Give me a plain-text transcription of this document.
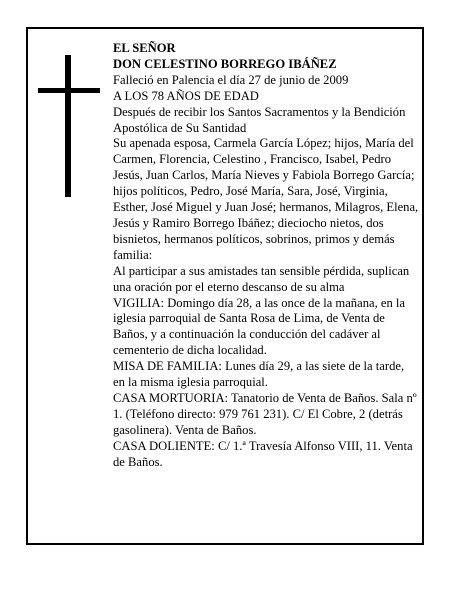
EL SEÑOR

DON CELESTINO BORREGO IBÁÑEZ

Falleció en Palencia el día 27 de junio de 2009

A LOS 78 AÑOS DE EDAD

Después de recibir los Santos Sacramentos y la Bendición Apostólica de Su Santidad

Su apenada esposa, Carmela García López; hijos, María del Carmen, Florencia, Celestino , Francisco, Isabel, Pedro Jesús, Juan Carlos, María Nieves y Fabiola Borrego García; hijos políticos, Pedro, José María, Sara, José, Virginia, Esther, José Miguel y Juan José; hermanos, Milagros, Elena, Jesús y Ramiro Borrego Ibáñez; dieciocho nietos, dos bisnietos, hermanos políticos, sobrinos, primos y demás familia:

Al participar a sus amistades tan sensible pérdida, suplican una oración por el eterno descanso de su alma

VIGILIA: Domingo día 28, a las once de la mañana, en la iglesia parroquial de Santa Rosa de Lima, de Venta de Baños, y a continuación la conducción del cadáver al cementerio de dicha localidad.

MISA DE FAMILIA: Lunes día 29, a las siete de la tarde, en la misma iglesia parroquial.

CASA MORTUORIA: Tanatorio de Venta de Baños. Sala nº 1. (Teléfono directo: 979 761 231). C/ El Cobre, 2 (detrás gasolinera). Venta de Baños.

CASA DOLIENTE: C/ 1.ª Travesía Alfonso VIII, 11. Venta de Baños.
